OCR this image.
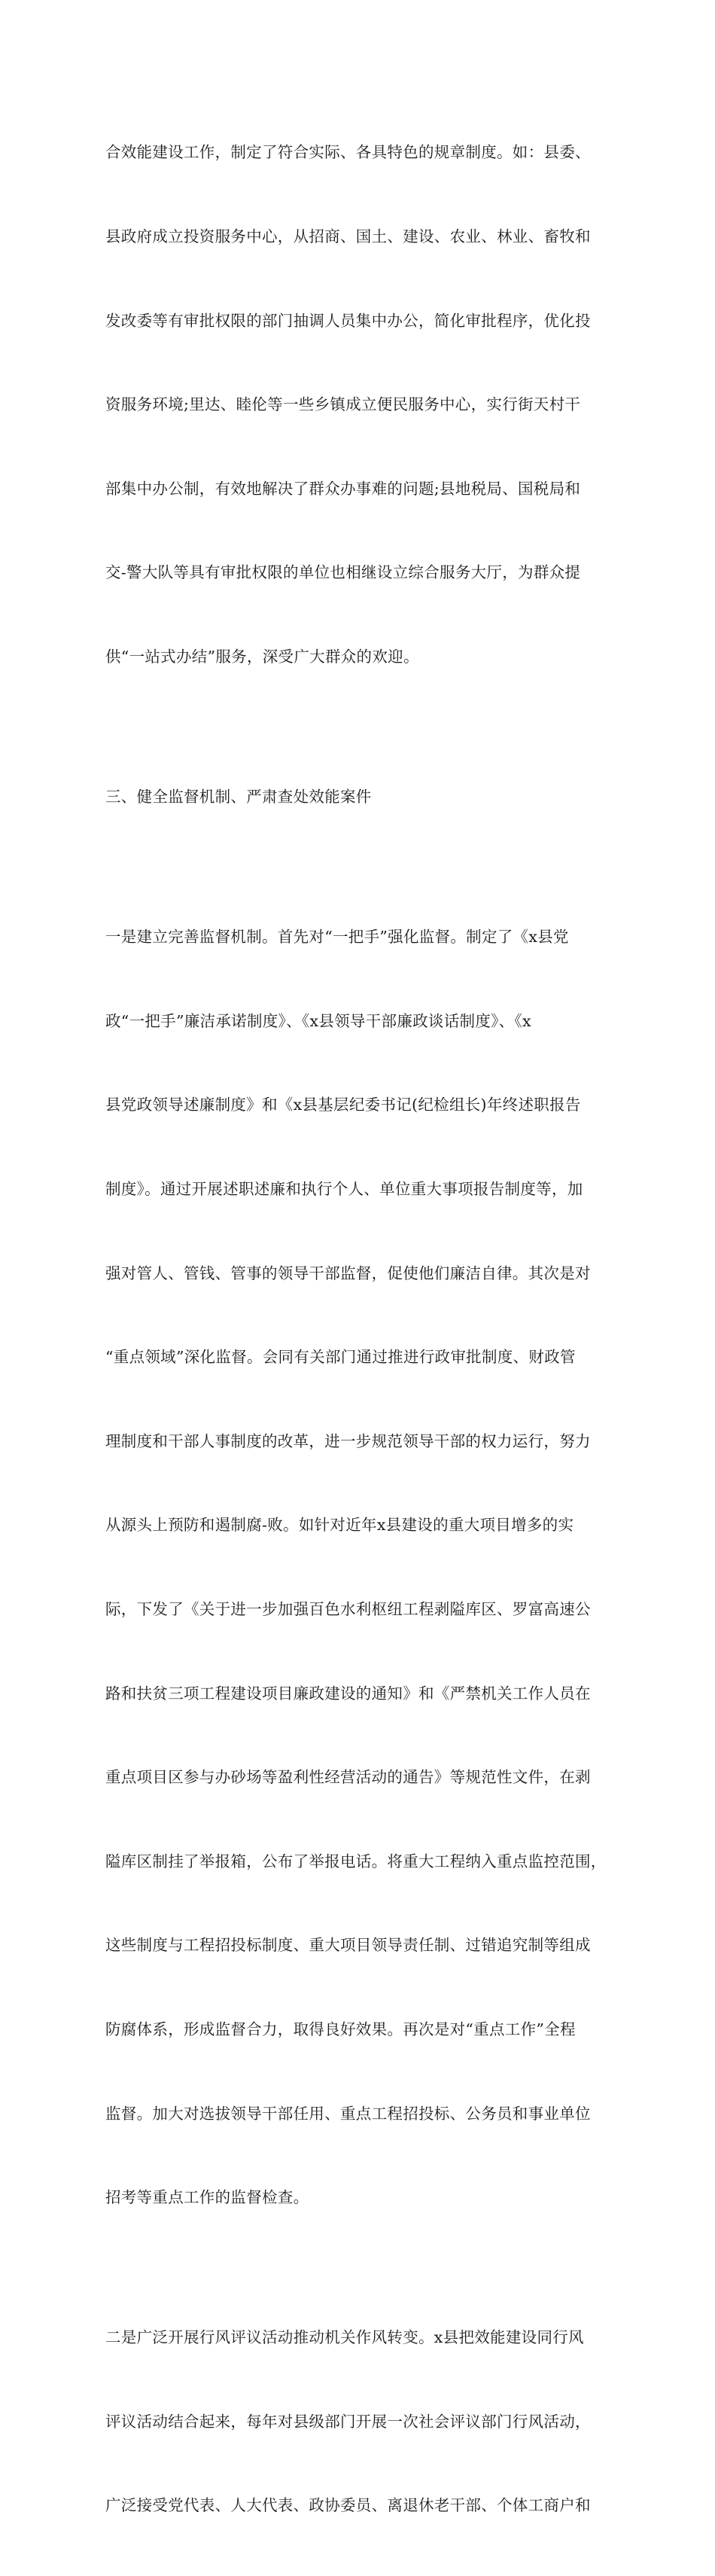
合效能建设工作，制定了符合实际、各具特色的规章制度。如：县委、

县政府成立投资服务中心，从招商、国土、建设、农业、林业、畜牧和

发改委等有审批权限的部门抽调人员集中办公，简化审批程序，优化投

资服务环境;里达、睦伦等一些乡镇成立便民服务中心，实行街天村干

部集中办公制，有效地解决了群众办事难的问题;县地税局、国税局和

交-警大队等具有审批权限的单位也相继设立综合服务大厅，为群众提

供“一站式办结”服务，深受广大群众的欢迎。

三、健全监督机制、严肃查处效能案件

一是建立完善监督机制。首先对“一把手”强化监督。制定了《x县党

政“一把手”廉洁承诺制度》、《x县领导干部廉政谈话制度》、《x

县党政领导述廉制度》和《x县基层纪委书记(纪检组长)年终述职报告

制度》。通过开展述职述廉和执行个人、单位重大事项报告制度等，加

强对管人、管钱、管事的领导干部监督，促使他们廉洁自律。其次是对

“重点领域”深化监督。会同有关部门通过推进行政审批制度、财政管

理制度和干部人事制度的改革，进一步规范领导干部的权力运行，努力

从源头上预防和遏制腐-败。如针对近年x县建设的重大项目增多的实

际，下发了《关于进一步加强百色水利枢纽工程剥隘库区、罗富高速公

路和扶贫三项工程建设项目廉政建设的通知》和《严禁机关工作人员在

重点项目区参与办砂场等盈利性经营活动的通告》等规范性文件，在剥

隘库区制挂了举报箱，公布了举报电话。将重大工程纳入重点监控范围，

这些制度与工程招投标制度、重大项目领导责任制、过错追究制等组成

防腐体系，形成监督合力，取得良好效果。再次是对“重点工作”全程

监督。加大对选拔领导干部任用、重点工程招投标、公务员和事业单位

招考等重点工作的监督检查。

二是广泛开展行风评议活动推动机关作风转变。x县把效能建设同行风

评议活动结合起来，每年对县级部门开展一次社会评议部门行风活动，

广泛接受党代表、人大代表、政协委员、离退休老干部、个体工商户和
